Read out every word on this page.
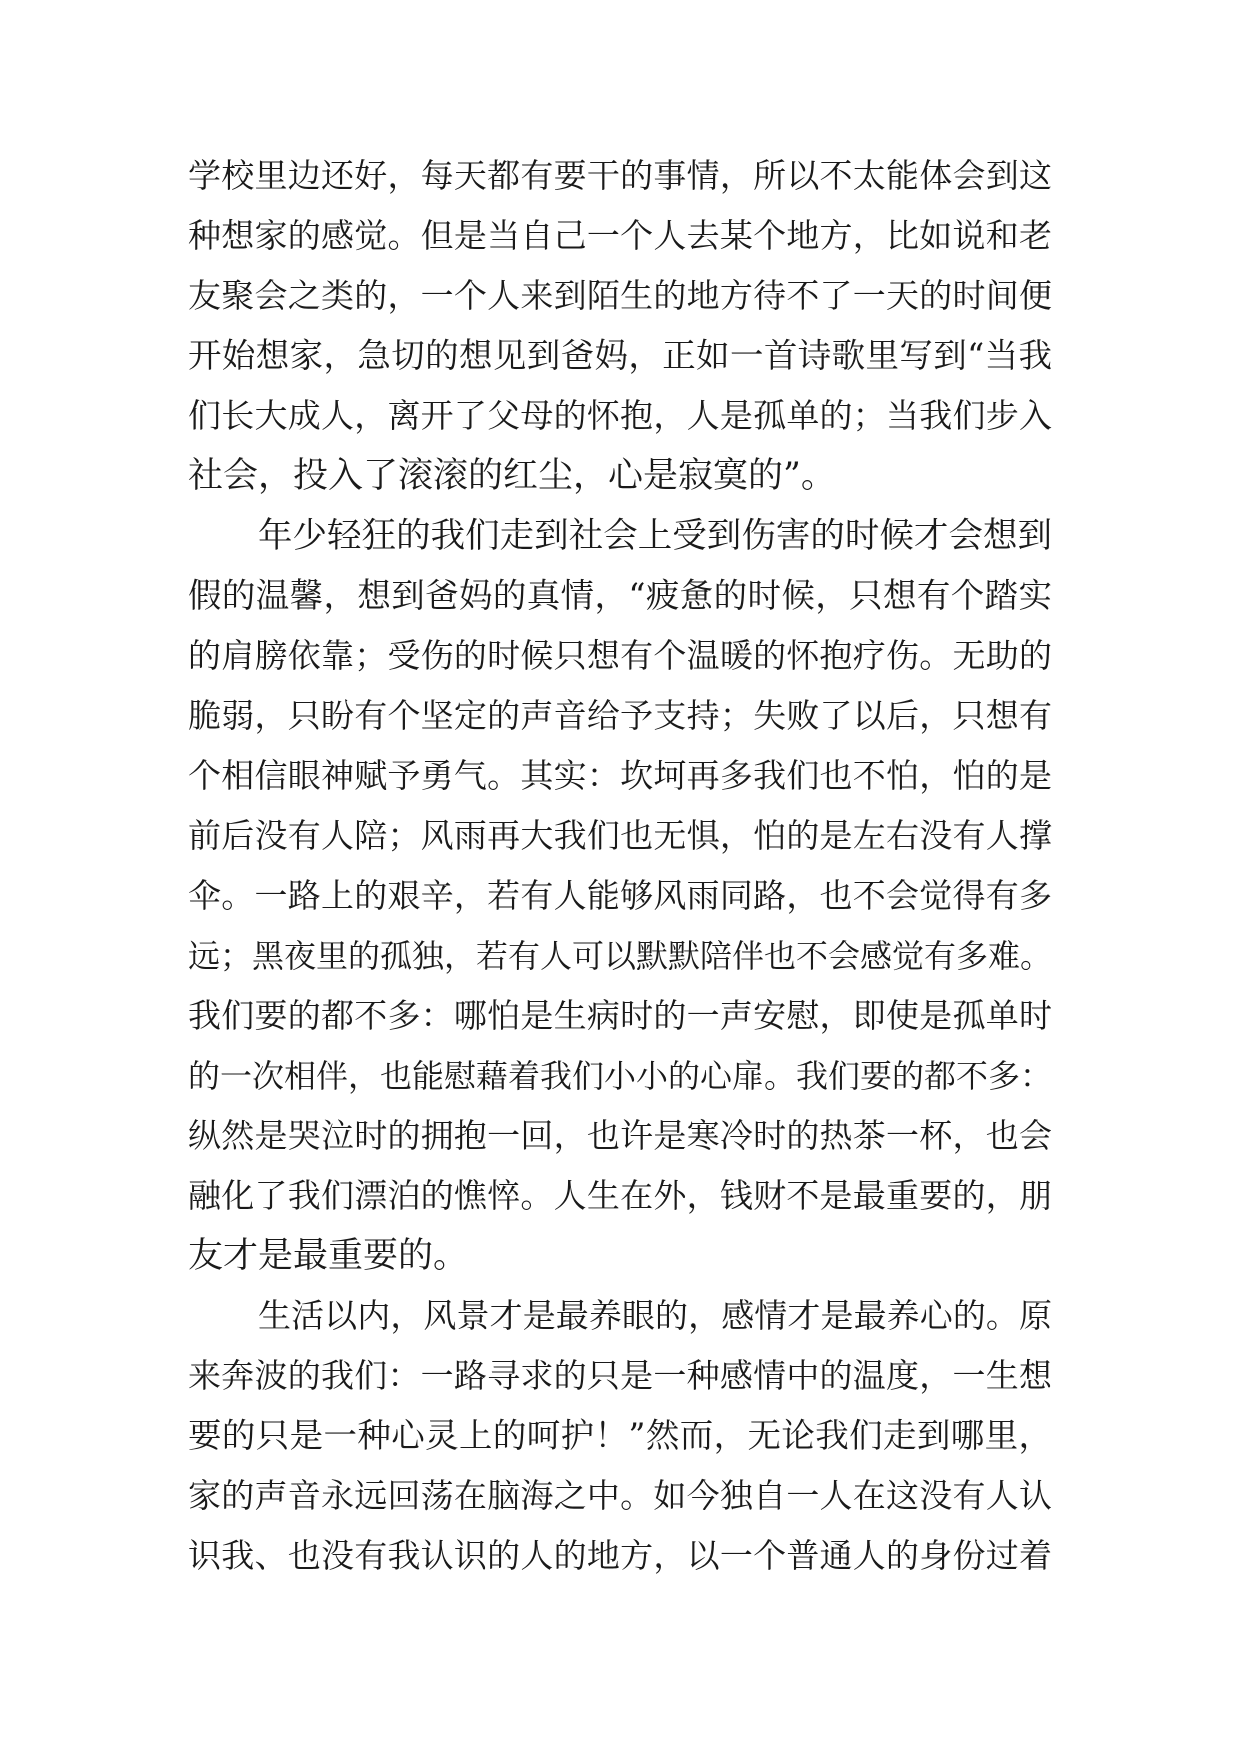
学校里边还好，每天都有要干的事情，所以不太能体会到这
种想家的感觉。但是当自己一个人去某个地方，比如说和老
友聚会之类的，一个人来到陌生的地方待不了一天的时间便
开始想家，急切的想见到爸妈，正如一首诗歌里写到“当我
们长大成人，离开了父母的怀抱，人是孤单的；当我们步入
社会，投入了滚滚的红尘，心是寂寞的”。
年少轻狂的我们走到社会上受到伤害的时候才会想到
假的温馨，想到爸妈的真情，“疲惫的时候，只想有个踏实
的肩膀依靠；受伤的时候只想有个温暖的怀抱疗伤。无助的
脆弱，只盼有个坚定的声音给予支持；失败了以后，只想有
个相信眼神赋予勇气。其实：坎坷再多我们也不怕，怕的是
前后没有人陪；风雨再大我们也无惧，怕的是左右没有人撑
伞。一路上的艰辛，若有人能够风雨同路，也不会觉得有多
远；黑夜里的孤独，若有人可以默默陪伴也不会感觉有多难。
我们要的都不多：哪怕是生病时的一声安慰，即使是孤单时
的一次相伴，也能慰藉着我们小小的心扉。我们要的都不多：
纵然是哭泣时的拥抱一回，也许是寒冷时的热茶一杯，也会
融化了我们漂泊的憔悴。人生在外，钱财不是最重要的，朋
友才是最重要的。
生活以内，风景才是最养眼的，感情才是最养心的。原
来奔波的我们：一路寻求的只是一种感情中的温度，一生想
要的只是一种心灵上的呵护！”然而，无论我们走到哪里，
家的声音永远回荡在脑海之中。如今独自一人在这没有人认
识我、也没有我认识的人的地方，以一个普通人的身份过着
